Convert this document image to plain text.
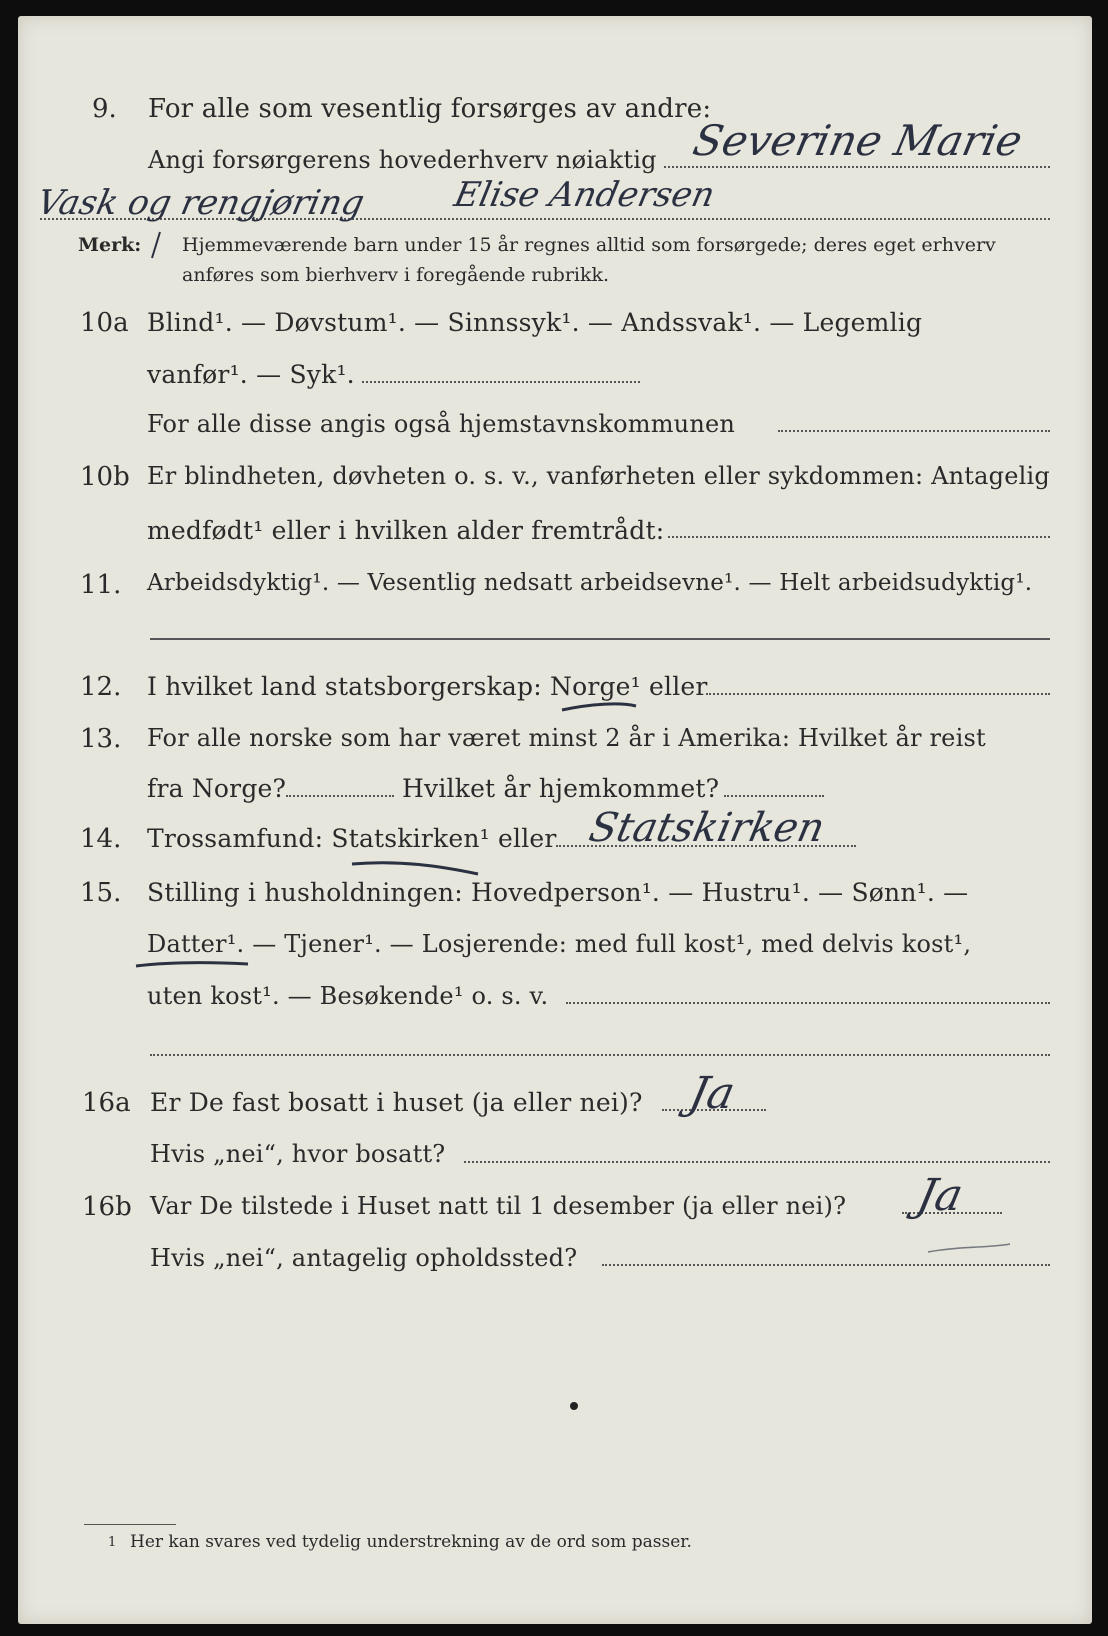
9. For alle som vesentlig forsørges av andre:
Angi forsørgerens hovederhverv nøiaktig Severine Marie
Vask og rengjøring Elise Andersen
Merk: Hjemmeværende barn under 15 år regnes alltid som forsørgede; deres eget erhverv
anføres som bierhverv i foregående rubrikk.
10a Blind¹. — Døvstum¹. — Sinnssyk¹. — Andssvak¹. — Legemlig
vanfør¹. — Syk¹.
For alle disse angis også hjemstavnskommunen
10b Er blindheten, døvheten o. s. v., vanførheten eller sykdommen: Antagelig
medfødt¹ eller i hvilken alder fremtrådt:
11. Arbeidsdyktig¹. — Vesentlig nedsatt arbeidsevne¹. — Helt arbeidsudyktig¹.
12. I hvilket land statsborgerskap: Norge¹ eller
13. For alle norske som har været minst 2 år i Amerika: Hvilket år reist
fra Norge?	Hvilket år hjemkommet?
14. Trossamfund: Statskirken¹ eller Statskirken
15. Stilling i husholdningen: Hovedperson¹. — Hustru¹. — Sønn¹. —
Datter¹. — Tjener¹. — Losjerende: med full kost¹, med delvis kost¹,
uten kost¹. — Besøkende¹ o. s. v.
16a Er De fast bosatt i huset (ja eller nei)? Ja
Hvis „nei“, hvor bosatt?
16b Var De tilstede i Huset natt til 1 desember (ja eller nei)? Ja
Hvis „nei“, antagelig opholdssted?
1 Her kan svares ved tydelig understrekning av de ord som passer.
